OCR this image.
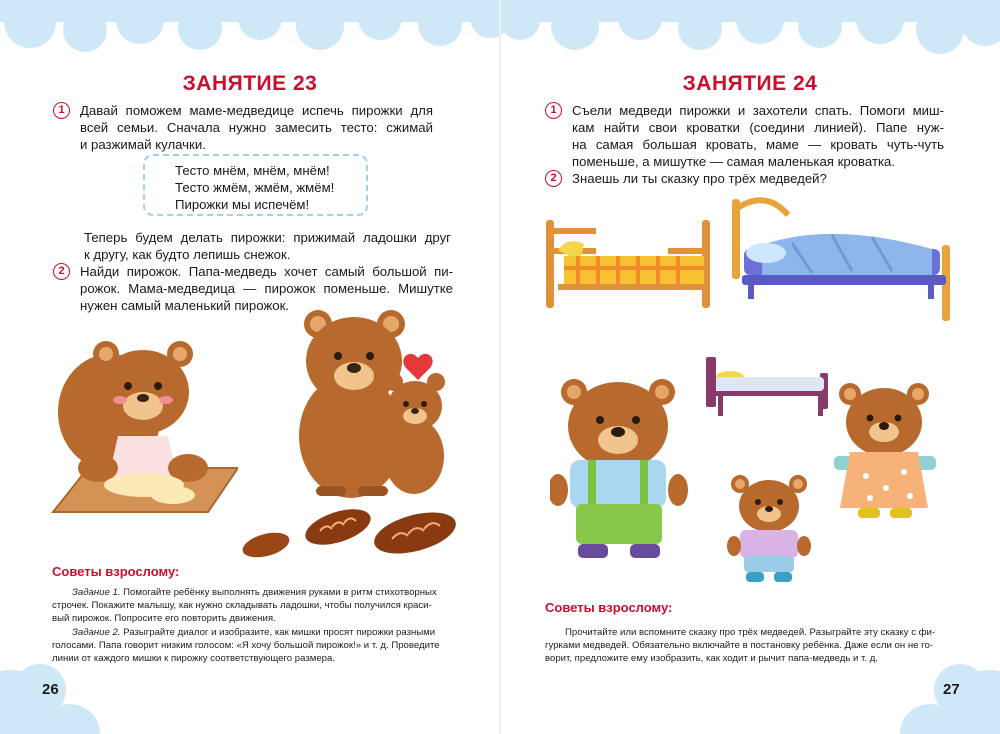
ЗАНЯТИЕ 23
1	Давай поможем маме-медведице испечь пирожки для
всей семьи. Сначала нужно замесить тесто: сжимай
и разжимай кулачки.
Тесто мнём, мнём, мнём!
Тесто жмём, жмём, жмём!
Пирожки мы испечём!
Теперь будем делать пирожки: прижимай ладошки друг
к другу, как будто лепишь снежок.
2	Найди пирожок. Папа-медведь хочет самый большой пи-
рожок. Мама-медведица — пирожок поменьше. Мишутке
нужен самый маленький пирожок.
Советы взрослому:
Задание 1. Помогайте ребёнку выполнять движения руками в ритм стихотворных
строчек. Покажите малышу, как нужно складывать ладошки, чтобы получился краси-
вый пирожок. Попросите его повторить движения.
Задание 2. Разыграйте диалог и изобразите, как мишки просят пирожки разными
голосами. Папа говорит низким голосом: «Я хочу большой пирожок!» и т. д. Проведите
линии от каждого мишки к пирожку соответствующего размера.
26
ЗАНЯТИЕ 24
1	Съели медведи пирожки и захотели спать. Помоги миш-
кам найти свои кроватки (соедини линией). Папе нуж-
на самая большая кровать, маме — кровать чуть-чуть
поменьше, а мишутке — самая маленькая кроватка.
2	Знаешь ли ты сказку про трёх медведей?
Советы взрослому:
Прочитайте или вспомните сказку про трёх медведей. Разыграйте эту сказку с фи-
гурками медведей. Обязательно включайте в постановку ребёнка. Даже если он не го-
ворит, предложите ему изобразить, как ходит и рычит папа-медведь и т. д.
27
